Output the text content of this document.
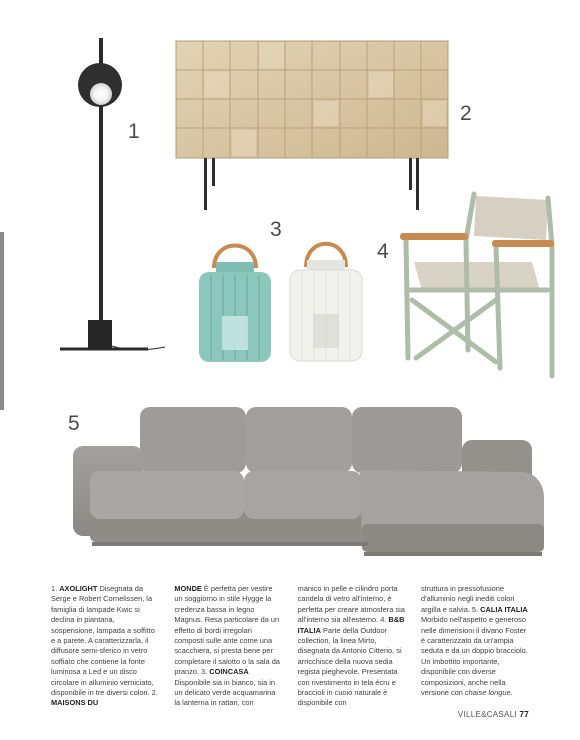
1
2
3
4
5

1. AXOLIGHT Disegnata da Serge e Robert Cornelissen, la famiglia di lampade Kwic si declina in piantana, sospensione, lampada a soffitto e a parete. A caratterizzarla, il diffusore semi-sferico in vetro soffiato che contiene la fonte luminosa a Led e un disco circolare in alluminio verniciato, disponibile in tre diversi colori. 2. MAISONS DU

MONDE È perfetta per vestire un soggiorno in stile Hygge la credenza bassa in legno Magnus. Resa particolare da un effetto di bordi irregolari composti sulle ante come una scacchiera, si presta bene per completare il salotto o la sala da pranzo. 3. COINCASA Disponibile sia in bianco, sia in un delicato verde acquamarina la lanterna in rattan, con

manico in pelle e cilindro porta candela di vetro all'interno, è perfetta per creare atmosfera sia all'interno sia all'esterno. 4. B&B ITALIA Parte della Outdoor collection, la linea Mirto, disegnata da Antonio Citterio, si arricchisce della nuova sedia regista pieghevole. Presentata con rivestimento in tela écru e braccioli in cuoio naturale è disponibile con

struttura in pressofusione d'alluminio negli inediti colori argilla e salvia. 5. CALIA ITALIA Morbido nell'aspetto e generoso nelle dimensioni il divano Foster è caratterizzato da un'ampia seduta e da un doppio bracciolo. Un imbottito importante, disponibile con diverse composizioni, anche nella versione con chaise longue.

VILLE&CASALI 77
